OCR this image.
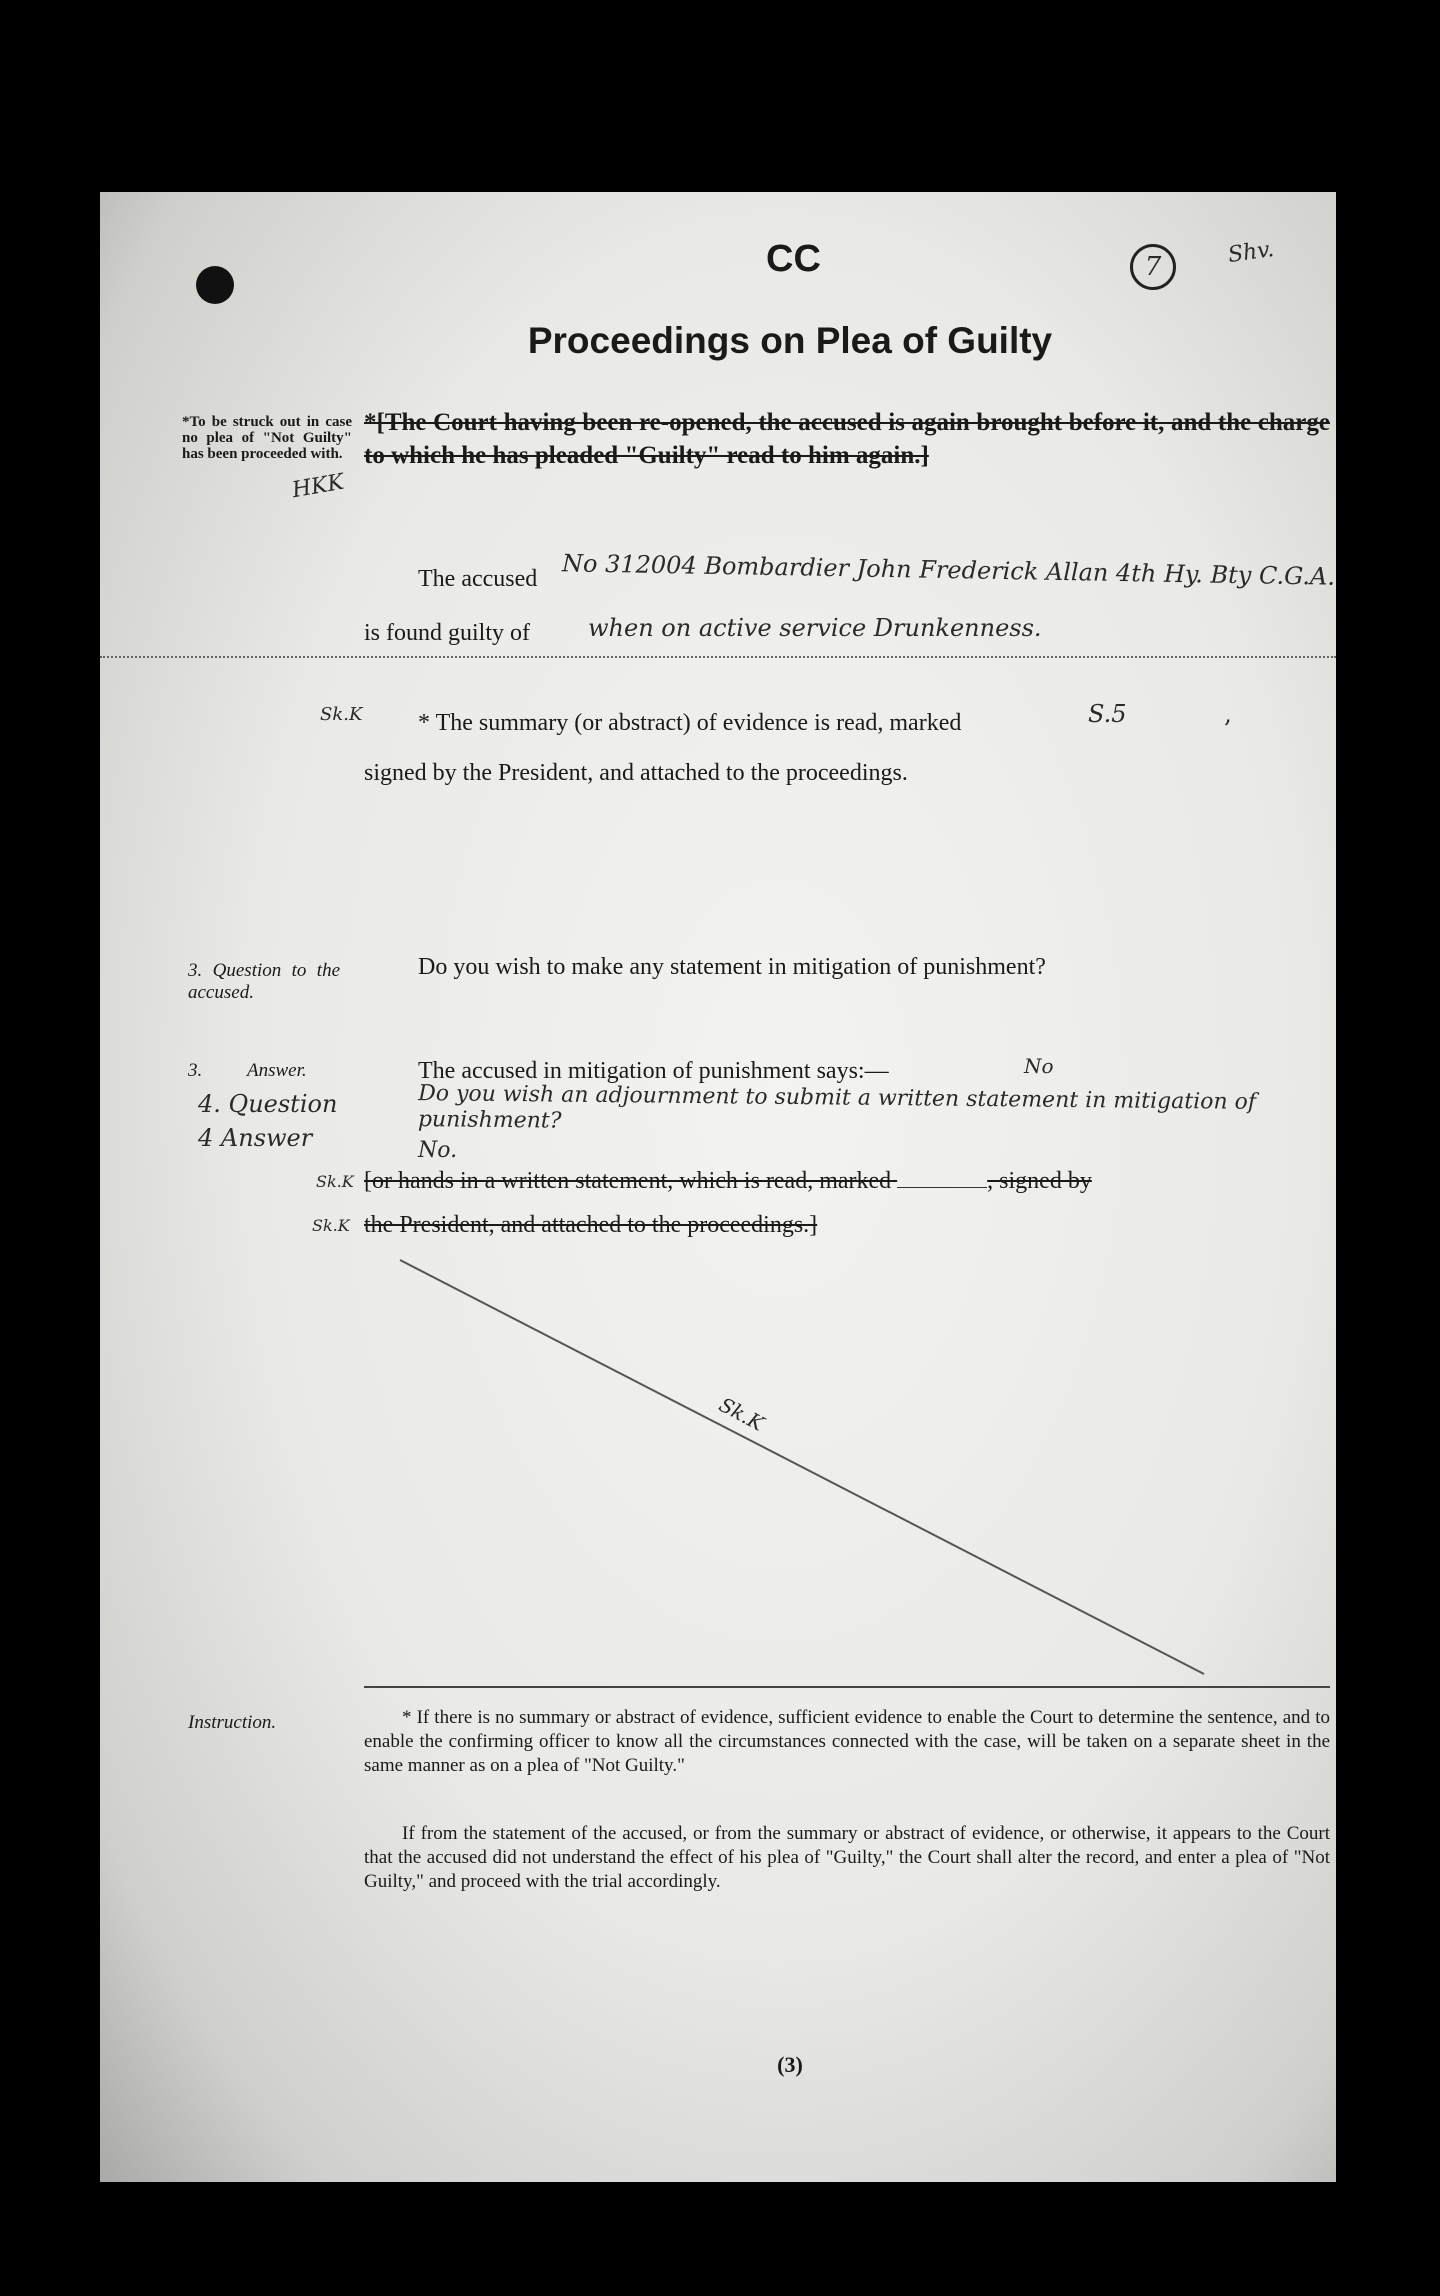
CC	7	Shv.
Proceedings on Plea of Guilty
*To be struck out in case no plea of "Not Guilty" has been proceeded with.
*[The Court having been re-opened, the accused is again brought before it, and the charge to which he has pleaded "Guilty" read to him again.]
HKK
The accused No 312004 Bombardier John Frederick Allan 4th Hy. Bty C.G.A.
is found guilty of when on active service Drunkenness.
Sk.K * The summary (or abstract) of evidence is read, marked	S.5	,
signed by the President, and attached to the proceedings.
3. Question to the accused.
Do you wish to make any statement in mitigation of punishment?
3. Answer.	The accused in mitigation of punishment says:—	No
4. Question
4 Answer
Do you wish an adjournment to submit a written statement in mitigation of punishment?
No.
Sk.K
Sk.K
[or hands in a written statement, which is read, marked	, signed by
the President, and attached to the proceedings.]
Sk.K
Instruction.	* If there is no summary or abstract of evidence, sufficient evidence to enable the Court to determine the sentence, and to enable the confirming officer to know all the circumstances connected with the case, will be taken on a separate sheet in the same manner as on a plea of "Not Guilty."
If from the statement of the accused, or from the summary or abstract of evidence, or otherwise, it appears to the Court that the accused did not understand the effect of his plea of "Guilty," the Court shall alter the record, and enter a plea of "Not Guilty," and proceed with the trial accordingly.
(3)
